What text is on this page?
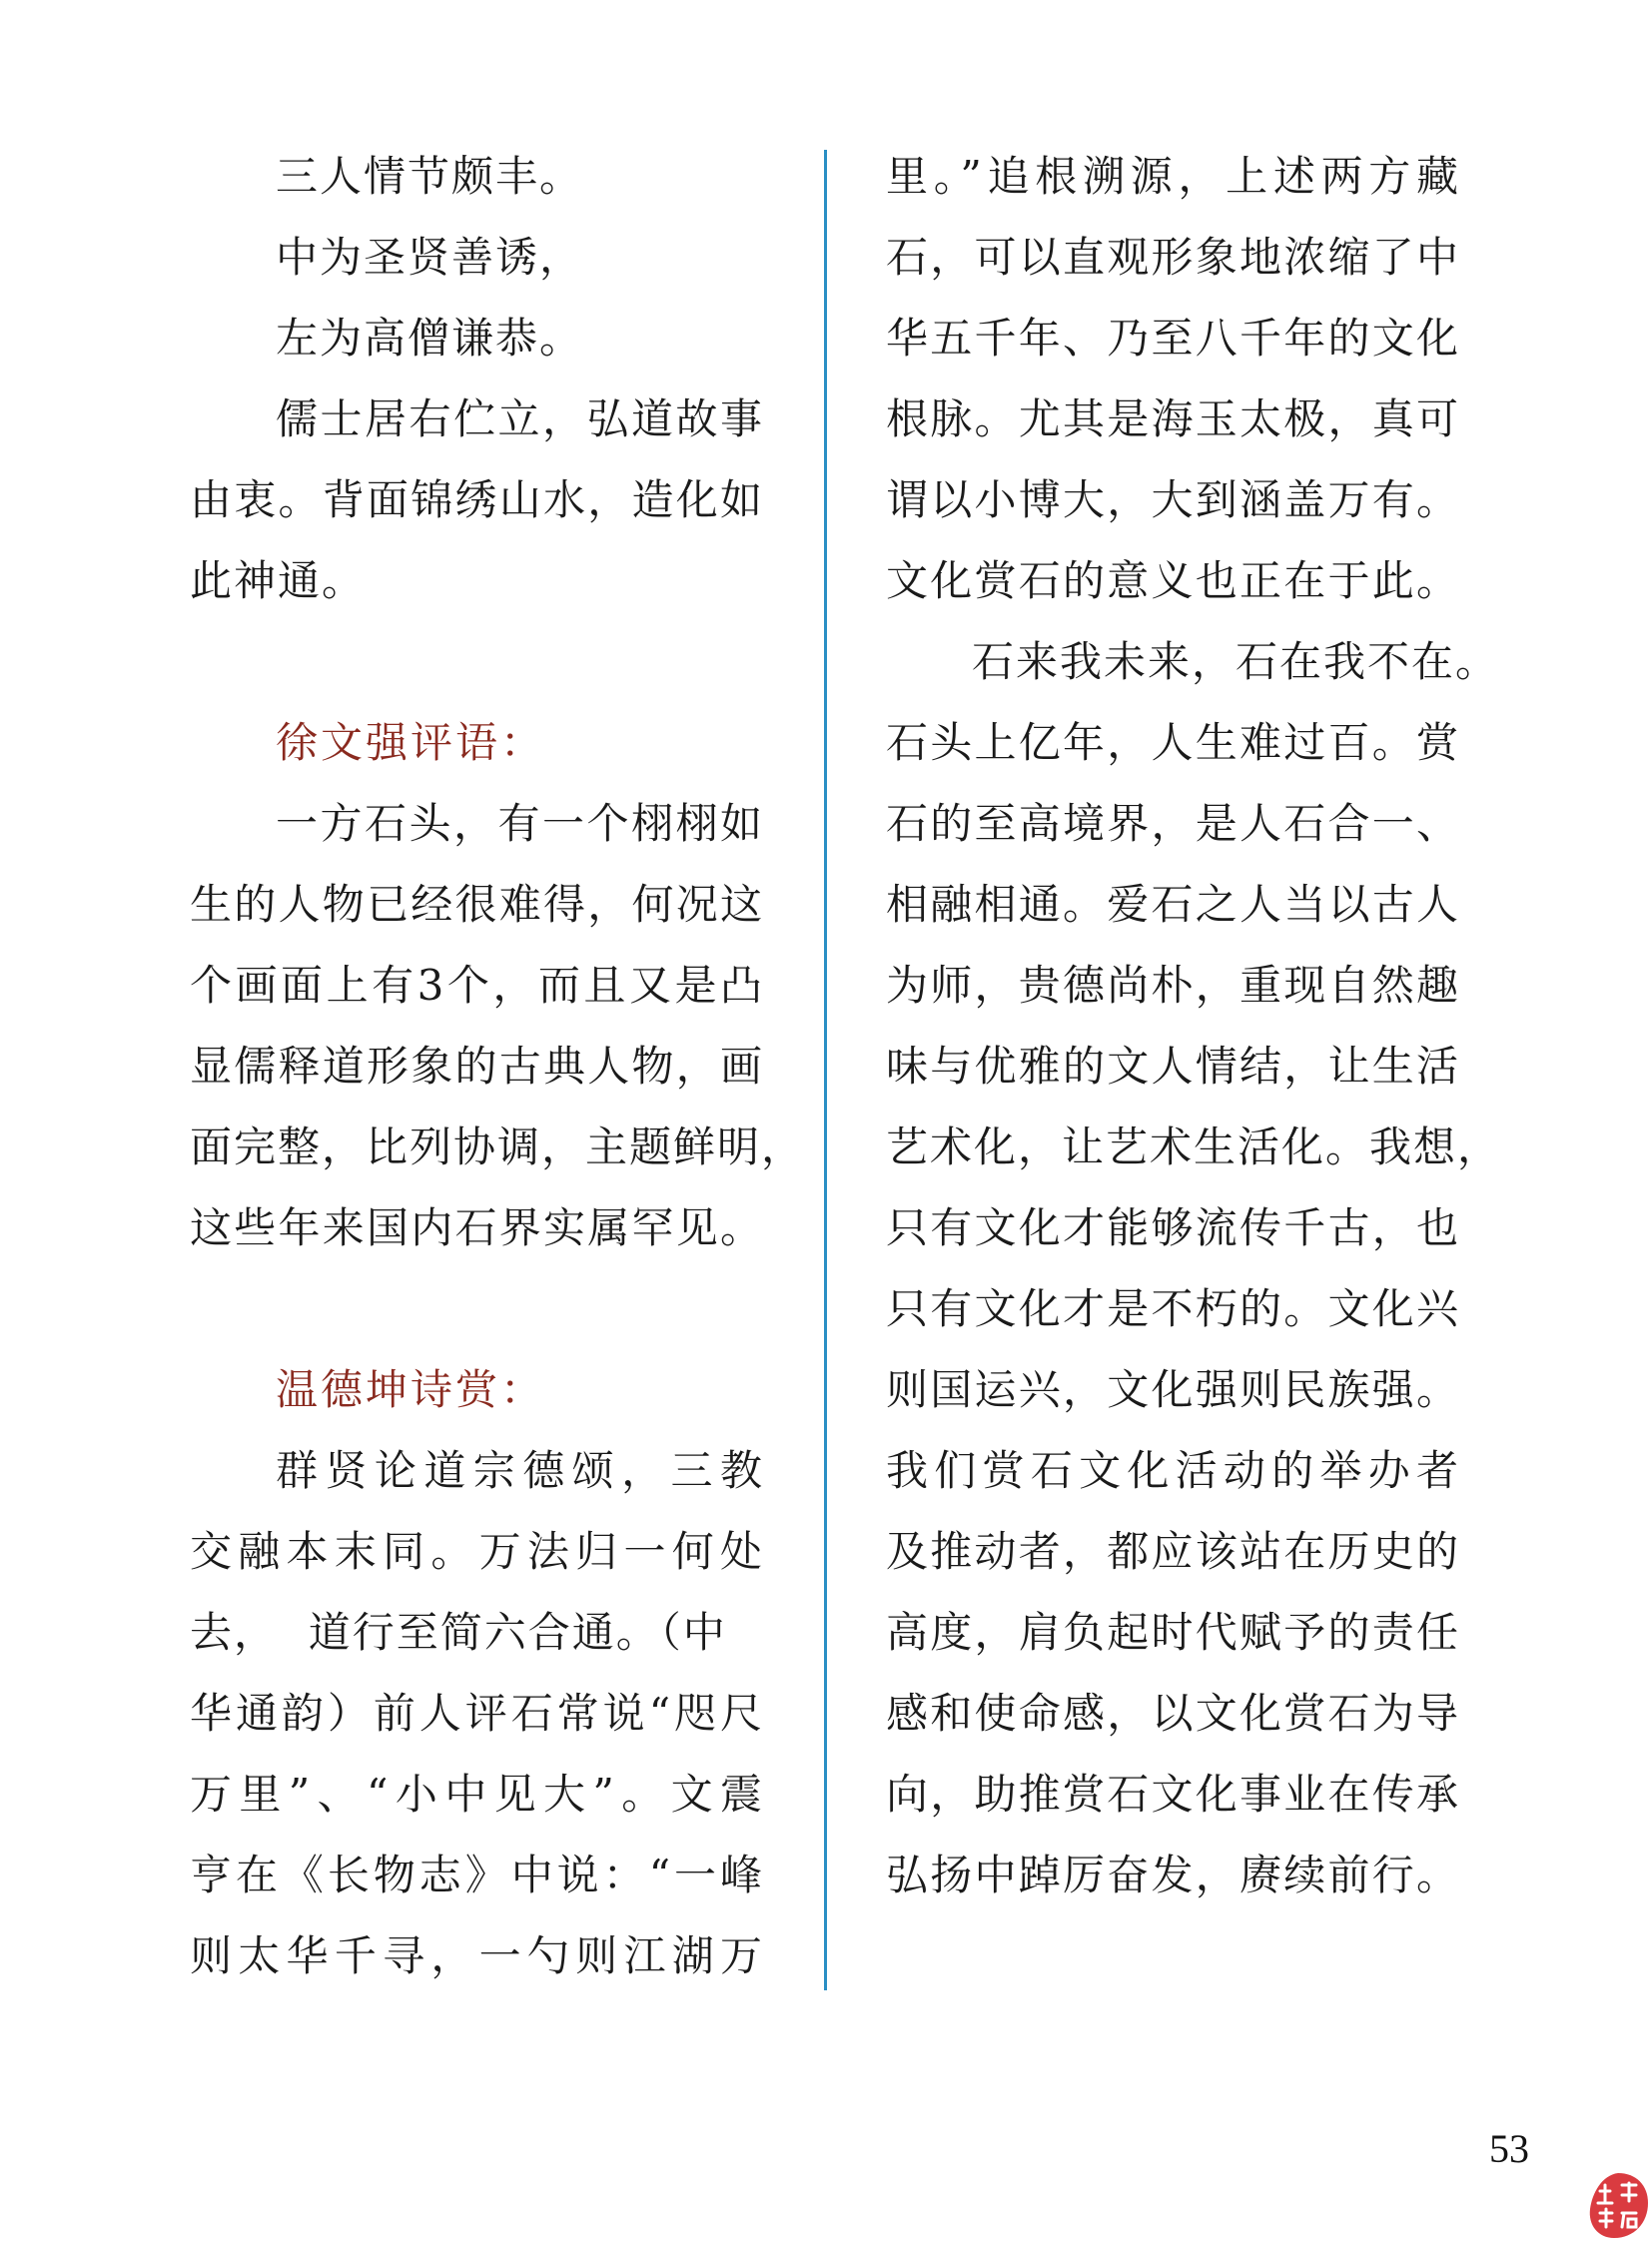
三人情节颇丰。
中为圣贤善诱，
左为高僧谦恭。
儒士居右伫立，弘道故事
由衷。背面锦绣山水，造化如
此神通。
徐文强评语：
一方石头，有一个栩栩如
生的人物已经很难得，何况这
个画面上有3个，而且又是凸
显儒释道形象的古典人物，画
面完整，比列协调，主题鲜明，
这些年来国内石界实属罕见。
温德坤诗赏：
群贤论道宗德颂，三教
交融本末同。万法归一何处
去，  道行至简六合通。（中
华通韵）前人评石常说“咫尺
万里”、“小中见大”。文震
亨在《长物志》中说：“一峰
则太华千寻，一勺则江湖万
里。”追根溯源，上述两方藏
石，可以直观形象地浓缩了中
华五千年、乃至八千年的文化
根脉。尤其是海玉太极，真可
谓以小博大，大到涵盖万有。
文化赏石的意义也正在于此。
石来我未来，石在我不在。
石头上亿年，人生难过百。赏
石的至高境界，是人石合一、
相融相通。爱石之人当以古人
为师，贵德尚朴，重现自然趣
味与优雅的文人情结，让生活
艺术化，让艺术生活化。我想，
只有文化才能够流传千古，也
只有文化才是不朽的。文化兴
则国运兴，文化强则民族强。
我们赏石文化活动的举办者
及推动者，都应该站在历史的
高度，肩负起时代赋予的责任
感和使命感，以文化赏石为导
向，助推赏石文化事业在传承
弘扬中踔厉奋发，赓续前行。
53
